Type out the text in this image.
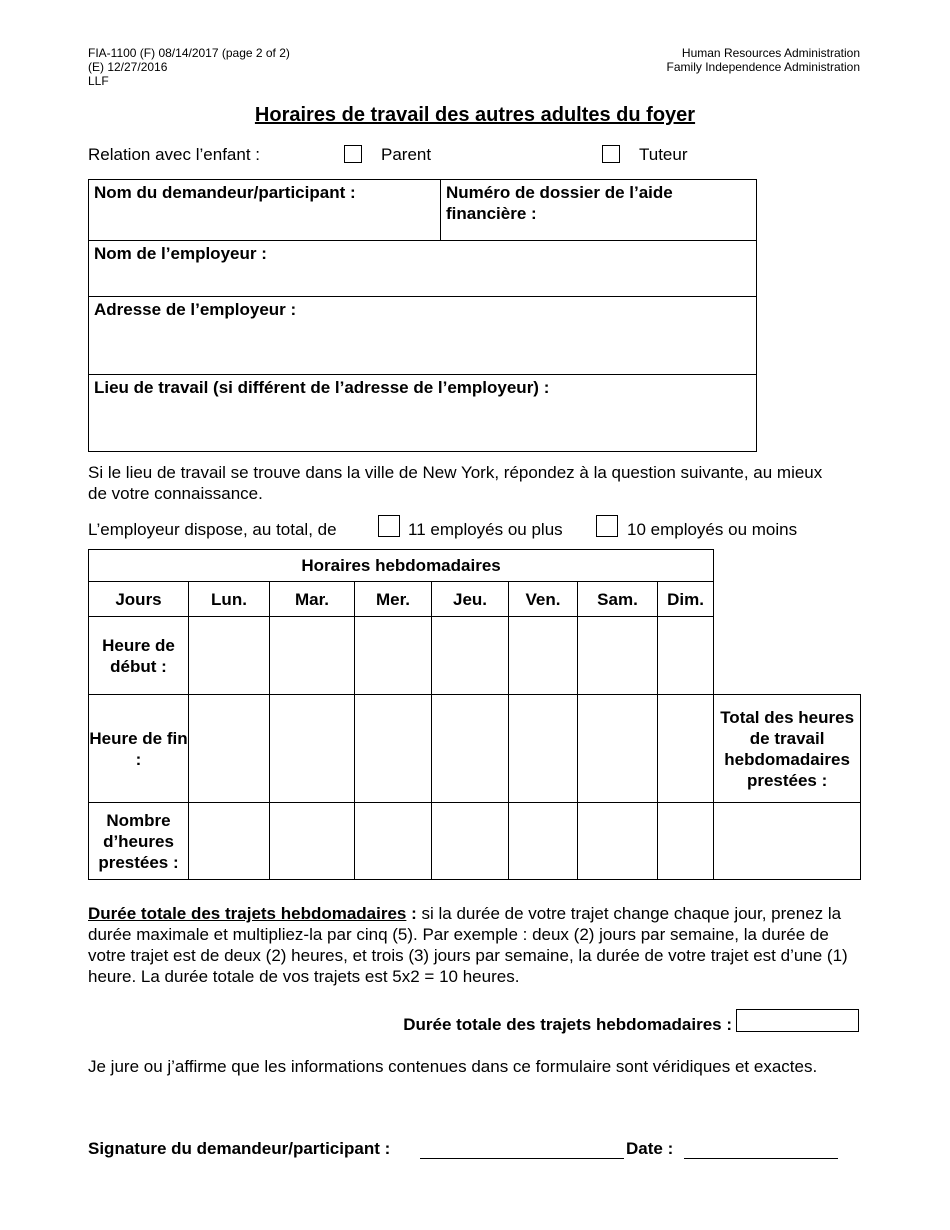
FIA-1100 (F) 08/14/2017 (page 2 of 2)
(E) 12/27/2016
LLF
Human Resources Administration
Family Independence Administration
Horaires de travail des autres adultes du foyer
Relation avec l’enfant :	Parent	Tuteur
Nom du demandeur/participant :	Numéro de dossier de l’aide financière :
Nom de l’employeur :
Adresse de l’employeur :
Lieu de travail (si différent de l’adresse de l’employeur) :
Si le lieu de travail se trouve dans la ville de New York, répondez à la question suivante, au mieux de votre connaissance.
L’employeur dispose, au total, de	11 employés ou plus	10 employés ou moins
Horaires hebdomadaires								
Jours	Lun.	Mar.	Mer.	Jeu.	Ven.	Sam.	Dim.	
Heure de début :								
Heure de fin :								Total des heures de travail hebdomadaires prestées :
Nombre d’heures prestées :								
Durée totale des trajets hebdomadaires : si la durée de votre trajet change chaque jour, prenez la durée maximale et multipliez-la par cinq (5). Par exemple : deux (2) jours par semaine, la durée de votre trajet est de deux (2) heures, et trois (3) jours par semaine, la durée de votre trajet est d’une (1) heure. La durée totale de vos trajets est 5x2 = 10 heures.
Durée totale des trajets hebdomadaires :
Je jure ou j’affirme que les informations contenues dans ce formulaire sont véridiques et exactes.
Signature du demandeur/participant :	Date :
